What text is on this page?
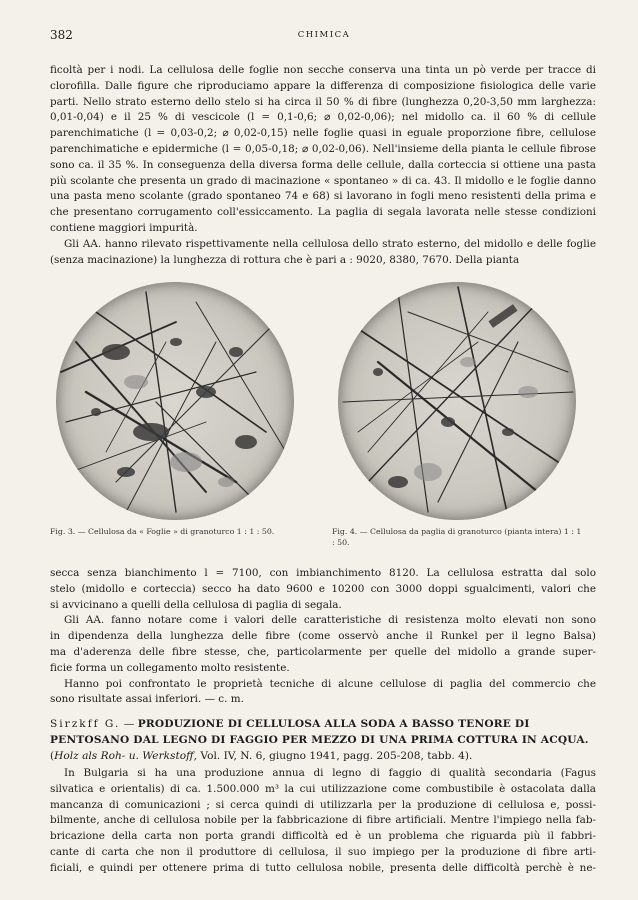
382	CHIMICA

ficoltà per i nodi. La cellulosa delle foglie non secche conserva una tinta un pò verde per tracce di clorofilla. Dalle figure che riproduciamo appare la differenza di composizione fisiologica delle varie parti. Nello strato esterno dello stelo si ha circa il 50 % di fibre (lunghezza 0,20-3,50 mm larghezza: 0,01-0,04) e il 25 % di vescicole (l = 0,1-0,6; ⌀ 0,02-0,06); nel midollo ca. il 60 % di cellule parenchimatiche (l = 0,03-0,2; ⌀ 0,02-0,15) nelle foglie quasi in eguale proporzione fibre, cellulose parenchimatiche e epidermiche (l = 0,05-0,18; ⌀ 0,02-0,06). Nell'insieme della pianta le cellule fibrose sono ca. il 35 %. In conseguenza della diversa forma delle cellule, dalla corteccia si ottiene una pasta più scolante che presenta un grado di macinazione « spontaneo » di ca. 43. Il midollo e le foglie danno una pasta meno scolante (grado spontaneo 74 e 68) si lavorano in fogli meno resistenti della prima e che presentano corrugamento coll'essiccamento. La paglia di segala lavorata nelle stesse condizioni contiene maggiori impurità.

Gli AA. hanno rilevato rispettivamente nella cellulosa dello strato esterno, del midollo e delle foglie (senza macinazione) la lunghezza di rottura che è pari a : 9020, 8380, 7670. Della pianta

Fig. 3. — Cellulosa da « Foglie » di granoturco 1 : 1 : 50.	Fig. 4. — Cellulosa da paglia di granoturco (pianta intera) 1 : 1 : 50.
secca senza bianchimento l = 7100, con imbianchimento 8120. La cellulosa estratta dal solo
stelo (midollo e corteccia) secco ha dato 9600 e 10200 con 3000 doppi sgualcimenti, valori che
si avvicinano a quelli della cellulosa di paglia di segala.
Gli AA. fanno notare come i valori delle caratteristiche di resistenza molto elevati non sono
in dipendenza della lunghezza delle fibre (come osservò anche il Runkel per il legno Balsa)
ma d'aderenza delle fibre stesse, che, particolarmente per quelle del midollo a grande super-
ficie forma un collegamento molto resistente.
Hanno poi confrontato le proprietà tecniche di alcune cellulose di paglia del commercio che
sono risultate assai inferiori. — c. m.
Sirzkff G. — PRODUZIONE DI CELLULOSA ALLA SODA A BASSO TENORE DI PENTOSANO DAL LEGNO DI FAGGIO PER MEZZO DI UNA PRIMA COTTURA IN ACQUA. (Holz als Roh- u. Werkstoff, Vol. IV, N. 6, giugno 1941, pagg. 205-208, tabb. 4).
In Bulgaria si ha una produzione annua di legno di faggio di qualità secondaria (Fagus
silvatica e orientalis) di ca. 1.500.000 m³ la cui utilizzazione come combustibile è ostacolata dalla
mancanza di comunicazioni ; si cerca quindi di utilizzarla per la produzione di cellulosa e, possi-
bilmente, anche di cellulosa nobile per la fabbricazione di fibre artificiali. Mentre l'impiego nella fab-
bricazione della carta non porta grandi difficoltà ed è un problema che riguarda più il fabbri-
cante di carta che non il produttore di cellulosa, il suo impiego per la produzione di fibre arti-
ficiali, e quindi per ottenere prima di tutto cellulosa nobile, presenta delle difficoltà perchè è ne-
